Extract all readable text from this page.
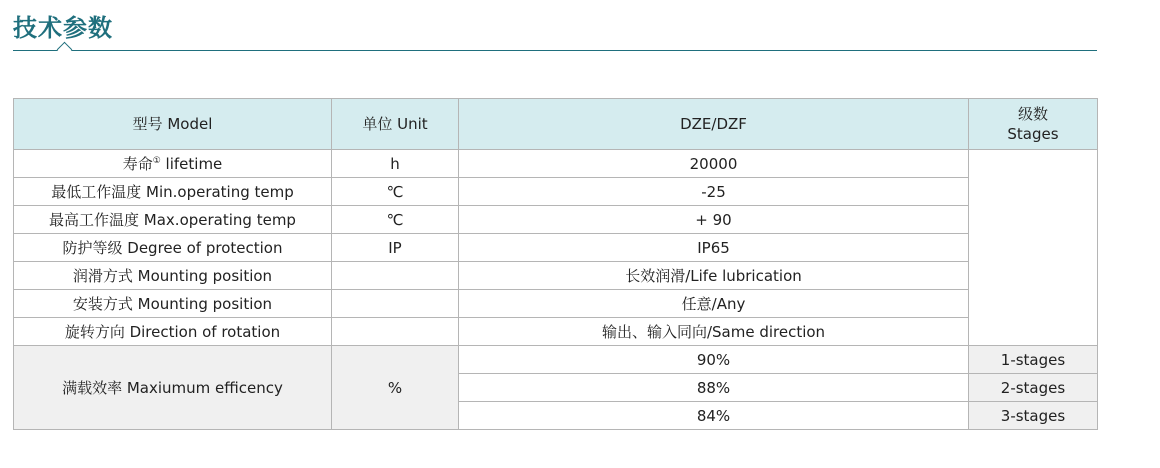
技术参数
型号 Model	单位 Unit	DZE/DZF	级数
Stages

寿命① lifetime	h	20000	
最低工作温度 Min.operating temp	℃	-25	
最高工作温度 Max.operating temp	℃	+ 90	
防护等级 Degree of protection	IP	IP65	
润滑方式 Mounting position		长效润滑/Life lubrication	
安装方式 Mounting position		任意/Any	
旋转方向 Direction of rotation		输出、输入同向/Same direction	
满载效率 Maxiumum efficency	%	90%	1-stages
		88%	2-stages
		84%	3-stages
